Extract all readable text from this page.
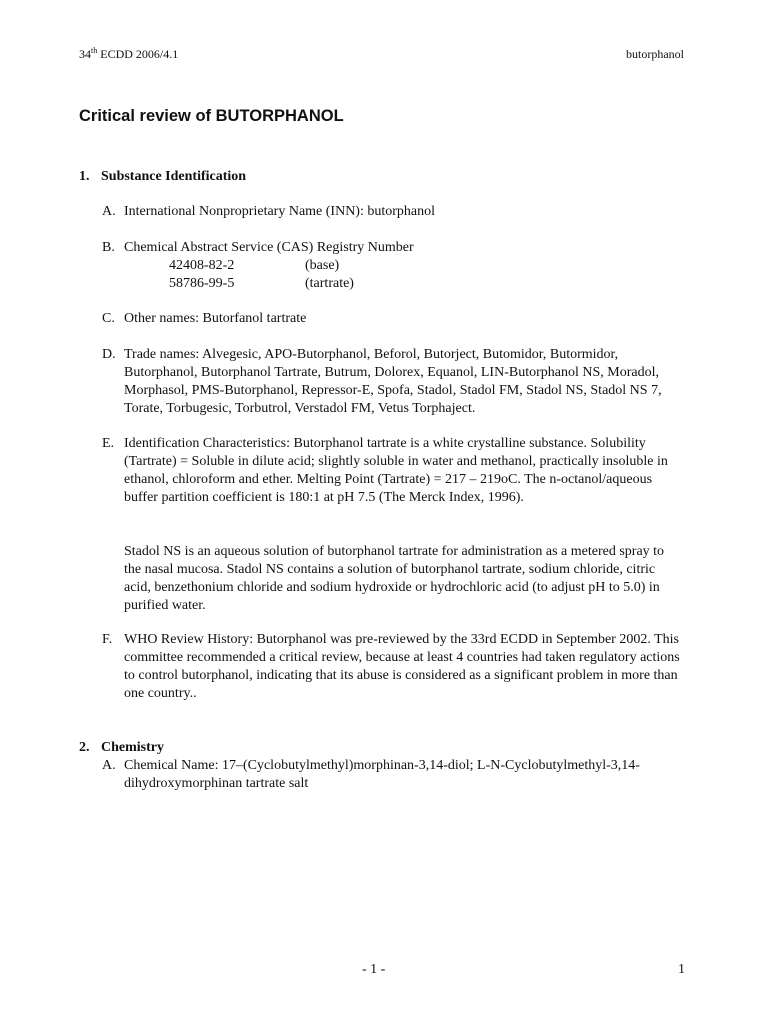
34th ECDD 2006/4.1	butorphanol
Critical review of BUTORPHANOL
1. Substance Identification
A. International Nonproprietary Name (INN): butorphanol
B. Chemical Abstract Service (CAS) Registry Number
42408-82-2	(base)
58786-99-5	(tartrate)
C. Other names: Butorfanol tartrate
D. Trade names: Alvegesic, APO-Butorphanol, Beforol, Butorject, Butomidor, Butormidor, Butorphanol, Butorphanol Tartrate, Butrum, Dolorex, Equanol, LIN-Butorphanol NS, Moradol, Morphasol, PMS-Butorphanol, Repressor-E, Spofa, Stadol, Stadol FM, Stadol NS, Stadol NS 7, Torate, Torbugesic, Torbutrol, Verstadol FM, Vetus Torphaject.
E. Identification Characteristics: Butorphanol tartrate is a white crystalline substance. Solubility (Tartrate) = Soluble in dilute acid; slightly soluble in water and methanol, practically insoluble in ethanol, chloroform and ether. Melting Point (Tartrate) = 217 – 219oC. The n-octanol/aqueous buffer partition coefficient is 180:1 at pH 7.5 (The Merck Index, 1996).
Stadol NS is an aqueous solution of butorphanol tartrate for administration as a metered spray to the nasal mucosa. Stadol NS contains a solution of butorphanol tartrate, sodium chloride, citric acid, benzethonium chloride and sodium hydroxide or hydrochloric acid (to adjust pH to 5.0) in purified water.
F. WHO Review History: Butorphanol was pre-reviewed by the 33rd ECDD in September 2002. This committee recommended a critical review, because at least 4 countries had taken regulatory actions to control butorphanol, indicating that its abuse is considered as a significant problem in more than one country..
2. Chemistry
A. Chemical Name: 17–(Cyclobutylmethyl)morphinan-3,14-diol; L-N-Cyclobutylmethyl-3,14-dihydroxymorphinan tartrate salt
- 1 -	1
